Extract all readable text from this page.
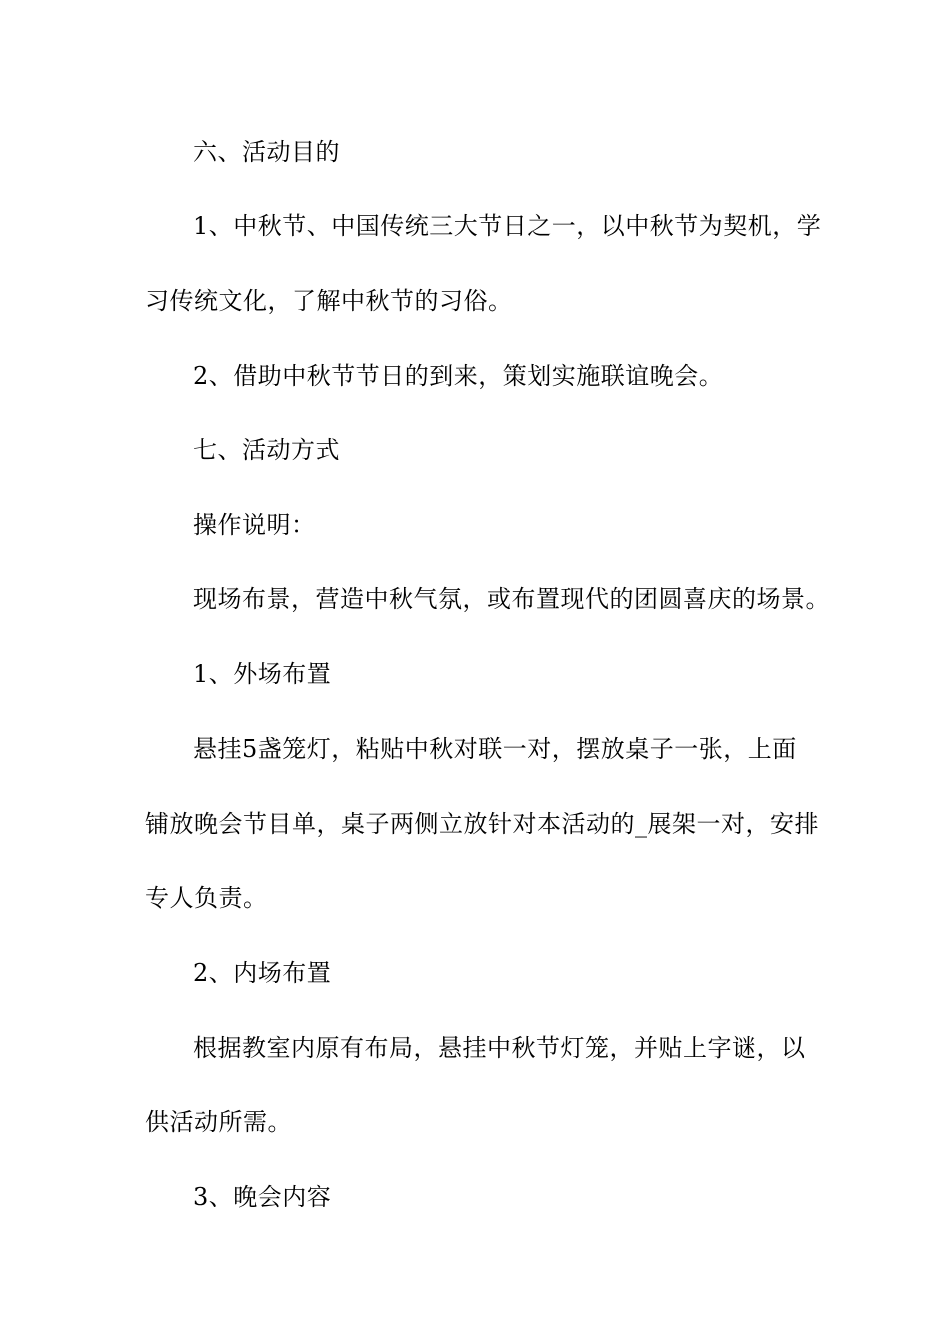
六、活动目的
1、中秋节、中国传统三大节日之一，以中秋节为契机，学
习传统文化，了解中秋节的习俗。
2、借助中秋节节日的到来，策划实施联谊晚会。
七、活动方式
操作说明：
现场布景，营造中秋气氛，或布置现代的团圆喜庆的场景。
1、外场布置
悬挂5盏笼灯，粘贴中秋对联一对，摆放桌子一张，上面
铺放晚会节目单，桌子两侧立放针对本活动的_展架一对，安排
专人负责。
2、内场布置
根据教室内原有布局，悬挂中秋节灯笼，并贴上字谜，以
供活动所需。
3、晚会内容
